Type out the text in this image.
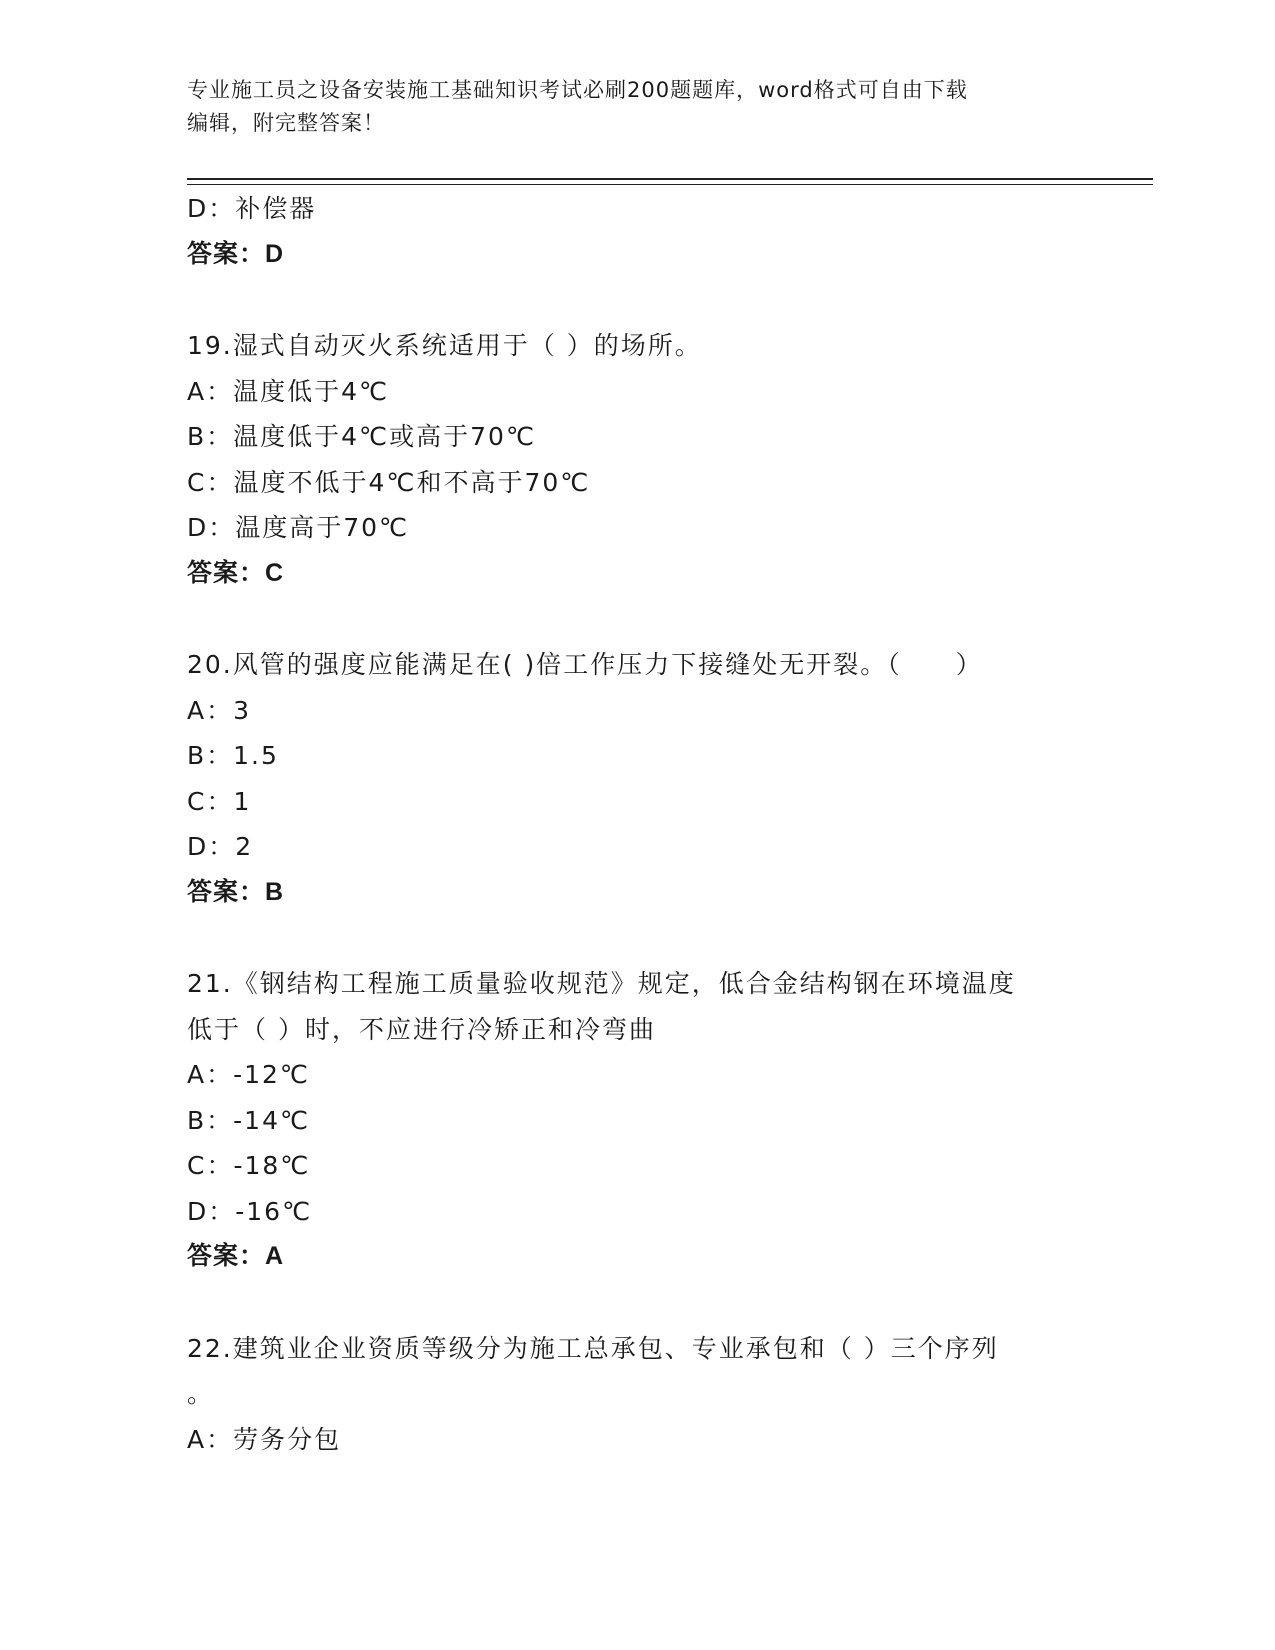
专业施工员之设备安装施工基础知识考试必刷200题题库，word格式可自由下载
编辑，附完整答案！
D：补偿器
答案：D
19.湿式自动灭火系统适用于（ ）的场所。
A：温度低于4℃
B：温度低于4℃或高于70℃
C：温度不低于4℃和不高于70℃
D：温度高于70℃
答案：C
20.风管的强度应能满足在( )倍工作压力下接缝处无开裂。（　　）
A：3
B：1.5
C：1
D：2
答案：B
21.《钢结构工程施工质量验收规范》规定，低合金结构钢在环境温度
低于（ ）时，不应进行冷矫正和冷弯曲
A：-12℃
B：-14℃
C：-18℃
D：-16℃
答案：A
22.建筑业企业资质等级分为施工总承包、专业承包和（ ）三个序列
。
A：劳务分包
